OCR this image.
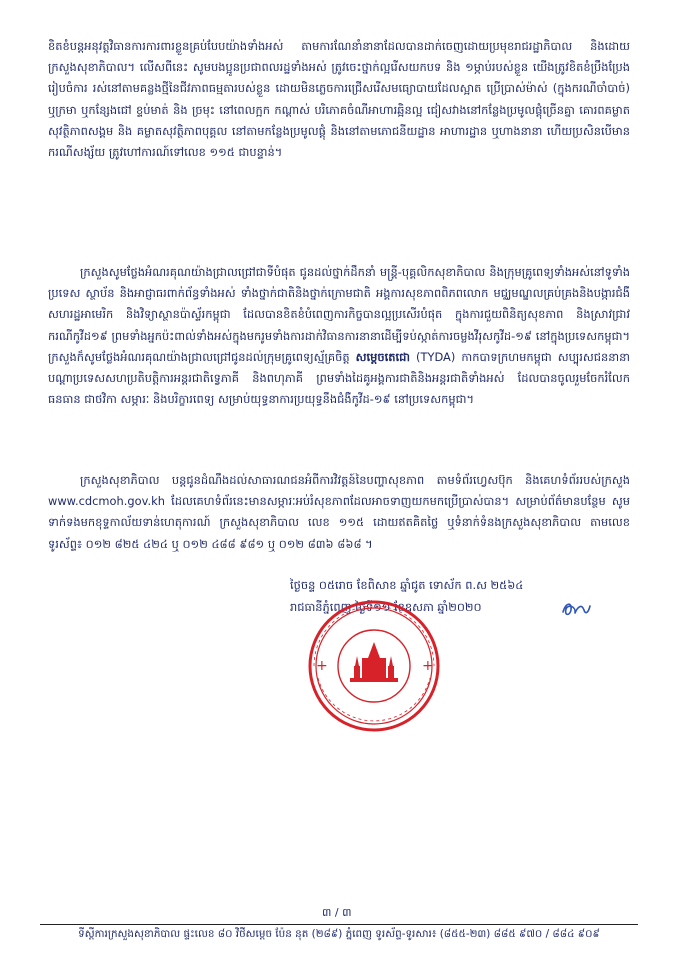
ខិតខំបន្តអនុវត្តវិធានការការពារខ្លួនគ្រប់បែបយ៉ាងទាំងអស់ តាមការណែនាំនានាដែលបានដាក់ចេញដោយប្រមុខរាជរដ្ឋាភិបាល និងដោយក្រសួងសុខាភិបាល។ លើសពីនេះ សូមបងប្អូនប្រជាពលរដ្ឋទាំងអស់ ត្រូវចេះថ្នាក់ល្អ​រើសយកបទ និង ១ម្ភាប់របស់ខ្លួន យើងត្រូវខិតខំប្រឹងប្រែងរៀបចំការ រស់នៅតាមគន្លងថ្មីនៃជីវភាពធម្មតារបស់ខ្លួន ដោយមិនភ្លេចការជ្រើសរើសមធ្យោបាយដែលស្អាត ប្រើប្រាស់ម៉ាស់ (ក្នុងករណីចាំបាច់) ឬក្រមា ឬកន្សែងជៅ ខ្ទប់មាត់ និង ច្រមុះ នៅពេលក្អក កណ្តាស់ បរិភោគចំណីអាហារឆ្អិនល្អ ជៀសវាងនៅកន្លែងប្រមូលផ្តុំច្រើនគ្នា គោរពគម្លាតសុវត្ថិភាពសង្គម និង គម្លាតសុវត្ថិភាពបុគ្គល នៅតាមកន្លែងប្រមូលផ្តុំ និងនៅតាមភោជនីយដ្ឋាន អាហារដ្ឋាន ឬហាងនានា ហើយប្រសិនបើមានករណីសង្ស័យ ត្រូវហៅការណ៍ទៅលេខ ១១៥ ជាបន្ទាន់។
ក្រសួងសូមថ្លែងអំណរគុណយ៉ាងជ្រាលជ្រៅជាទីបំផុត ជូនដល់ថ្នាក់ដឹកនាំ មន្ត្រី-បុគ្គលិកសុខាភិបាល និងក្រុមគ្រូពេទ្យទាំងអស់នៅទូទាំងប្រទេស ស្ថាប័ន និងអាជ្ញាធរពាក់ព័ន្ធទាំងអស់ ទាំងថ្នាក់ជាតិនិងថ្នាក់ក្រោមជាតិ អង្គការសុខភាពពិភពលោក មជ្ឈមណ្ឌលគ្រប់គ្រងនិងបង្ការជំងឺសហរដ្ឋអាមេរិក និងវិទ្យាស្ថានប៉ាស្ទ័រកម្ពុជា ដែលបានខិតខំបំពេញការកិច្ចបានល្អប្រសើរបំផុត ក្នុងការជួយពិនិត្យសុខភាព និងស្រាវជ្រាវករណីកូវីដ១៩ ព្រមទាំងអ្នកប៉ះពាល់ទាំងអស់ក្នុងមករូមទាំងការដាក់វិធានការនានាដើម្បីទប់ស្កាត់ការចម្លងវីរុសកូវីដ-១៩ នៅក្នុងប្រទេសកម្ពុជា។ ក្រសួងក៏សូមថ្លែងអំណរគុណយ៉ាងជ្រាលជ្រៅជូនដល់ក្រុមគ្រូពេទ្យស្ម័គ្រចិត្ត សម្តេចតេជោ (TYDA) កាកបាទក្រហមកម្ពុជា សប្បុរសជននានា បណ្តាប្រទេសសហប្រតិបត្តិការអន្តរជាតិទ្វេភាគី និងពហុភាគី ព្រមទាំងដៃគូអង្គការជាតិនិងអន្តរជាតិទាំងអស់ ដែលបានចូលរួមចែករំលែកធនធាន ជាថវិកា សម្ភារៈ និងបរិក្ខារពេទ្យ សម្រាប់យុទ្ធនាការប្រយុទ្ធនឹងជំងឺកូវីដ-១៩ នៅប្រទេសកម្ពុជា។
ក្រសួងសុខាភិបាល បន្តជូនដំណឹងដល់សាធារណជនអំពីការវិវត្តន៍នៃបញ្ហាសុខភាព តាមទំព័រហ្វេសប៊ុក និងគេហទំព័ររបស់ក្រសួង www.cdcmoh.gov.kh ដែលគេហទំព័រនេះមានសម្ភារៈអប់រំសុខភាពដែលអាចទាញយកមកប្រើប្រាស់បាន។ សម្រាប់ព័ត៌មានបន្ថែម សូមទាក់ទងមកខុទ្ទកាល័យទាន់ហេតុការណ៍ ក្រសួងសុខាភិបាល លេខ ១១៥ ដោយឥតគិតថ្លៃ ឬទំនាក់ទំនងក្រសួងសុខាភិបាល តាមលេខទូរស័ព្ទ៖ ០១២ ៨២៥ ៤២៤ ឬ ០១២ ៤៨៨ ៩៨១ ឬ ០១២ ៨៣៦ ៨៦៨ ។
ថ្ងៃចន្ទ ០៥រោច ខែពិសាខ ឆ្នាំជូត ទោស័ក ព.ស ២៥៦៤
រាជធានីភ្នំពេញ ថ្ងៃទី១១ ខែឧសភា ឆ្នាំ២០២០
+	+
៣ / ៣
ទីស្តីការក្រសួងសុខាភិបាល ផ្ទះលេខ ៨០ វិថីសម្តេច ប៉ែន នុត (២៨៩) ភ្នំពេញ ទូរស័ព្ទ-ទូរសារ៖ (៨៥៥-២៣) ៨៨៥ ៩៧០ / ៨៨៤ ៩០៩
